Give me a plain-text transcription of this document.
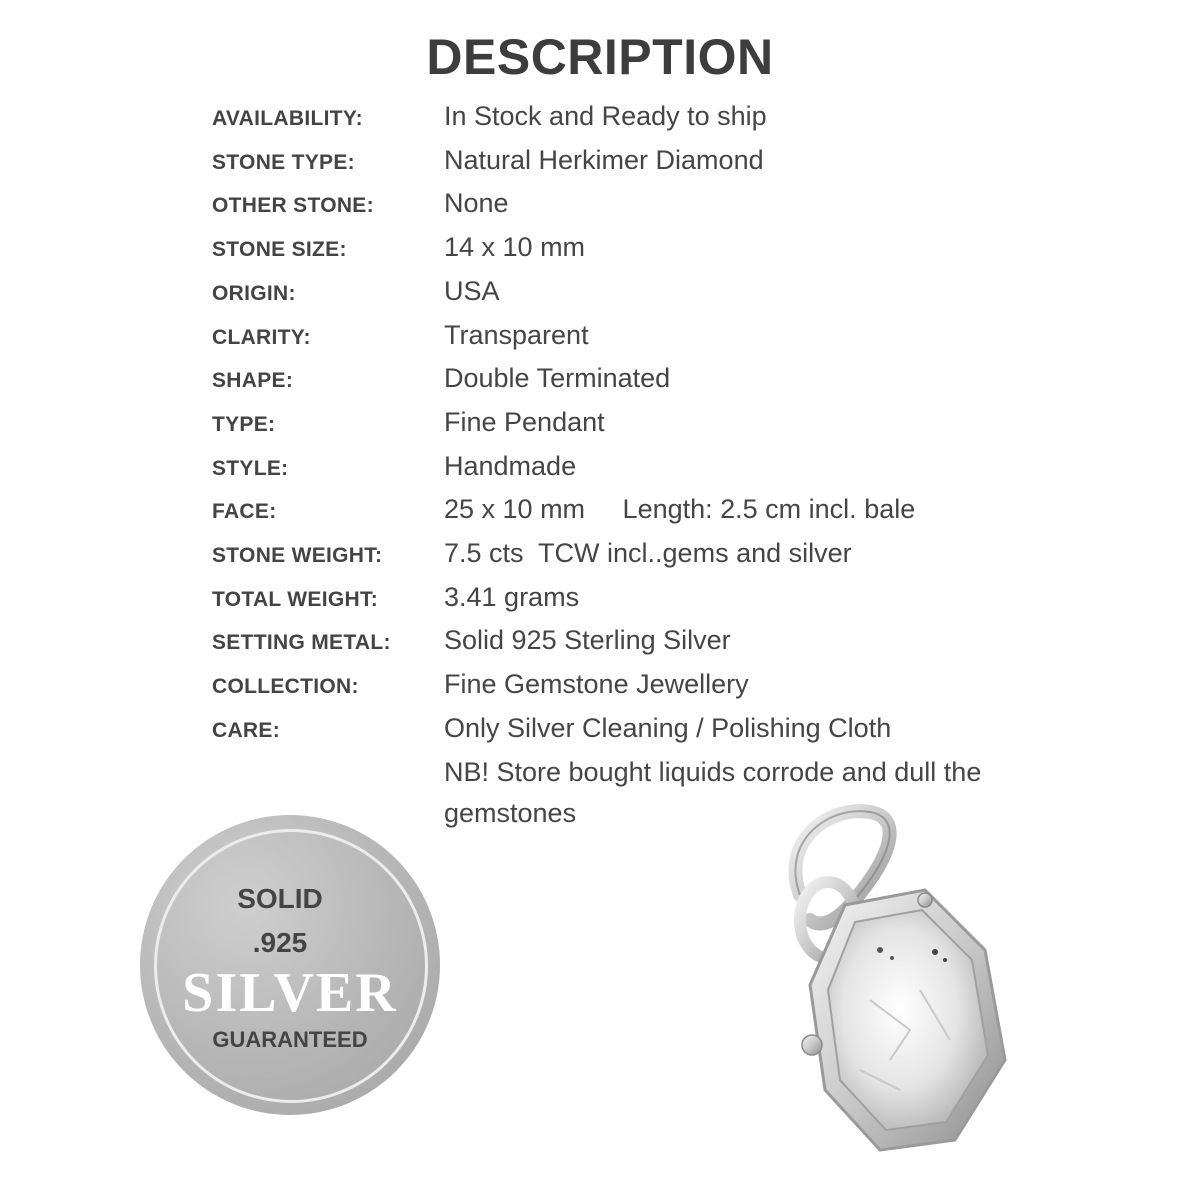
DESCRIPTION
AVAILABILITY:	In Stock and Ready to ship
STONE TYPE:	Natural Herkimer Diamond
OTHER STONE:	None
STONE SIZE:	14 x 10 mm
ORIGIN:	USA
CLARITY:	Transparent
SHAPE:	Double Terminated
TYPE:	Fine Pendant
STYLE:	Handmade
FACE:	25 x 10 mm     Length: 2.5 cm incl. bale
STONE WEIGHT:	7.5 cts  TCW incl..gems and silver
TOTAL WEIGHT:	3.41 grams
SETTING METAL:	Solid 925 Sterling Silver
COLLECTION:	Fine Gemstone Jewellery
CARE:	Only Silver Cleaning / Polishing Cloth
NB! Store bought liquids corrode and dull the gemstones
SOLID
.925
SILVER
GUARANTEED
